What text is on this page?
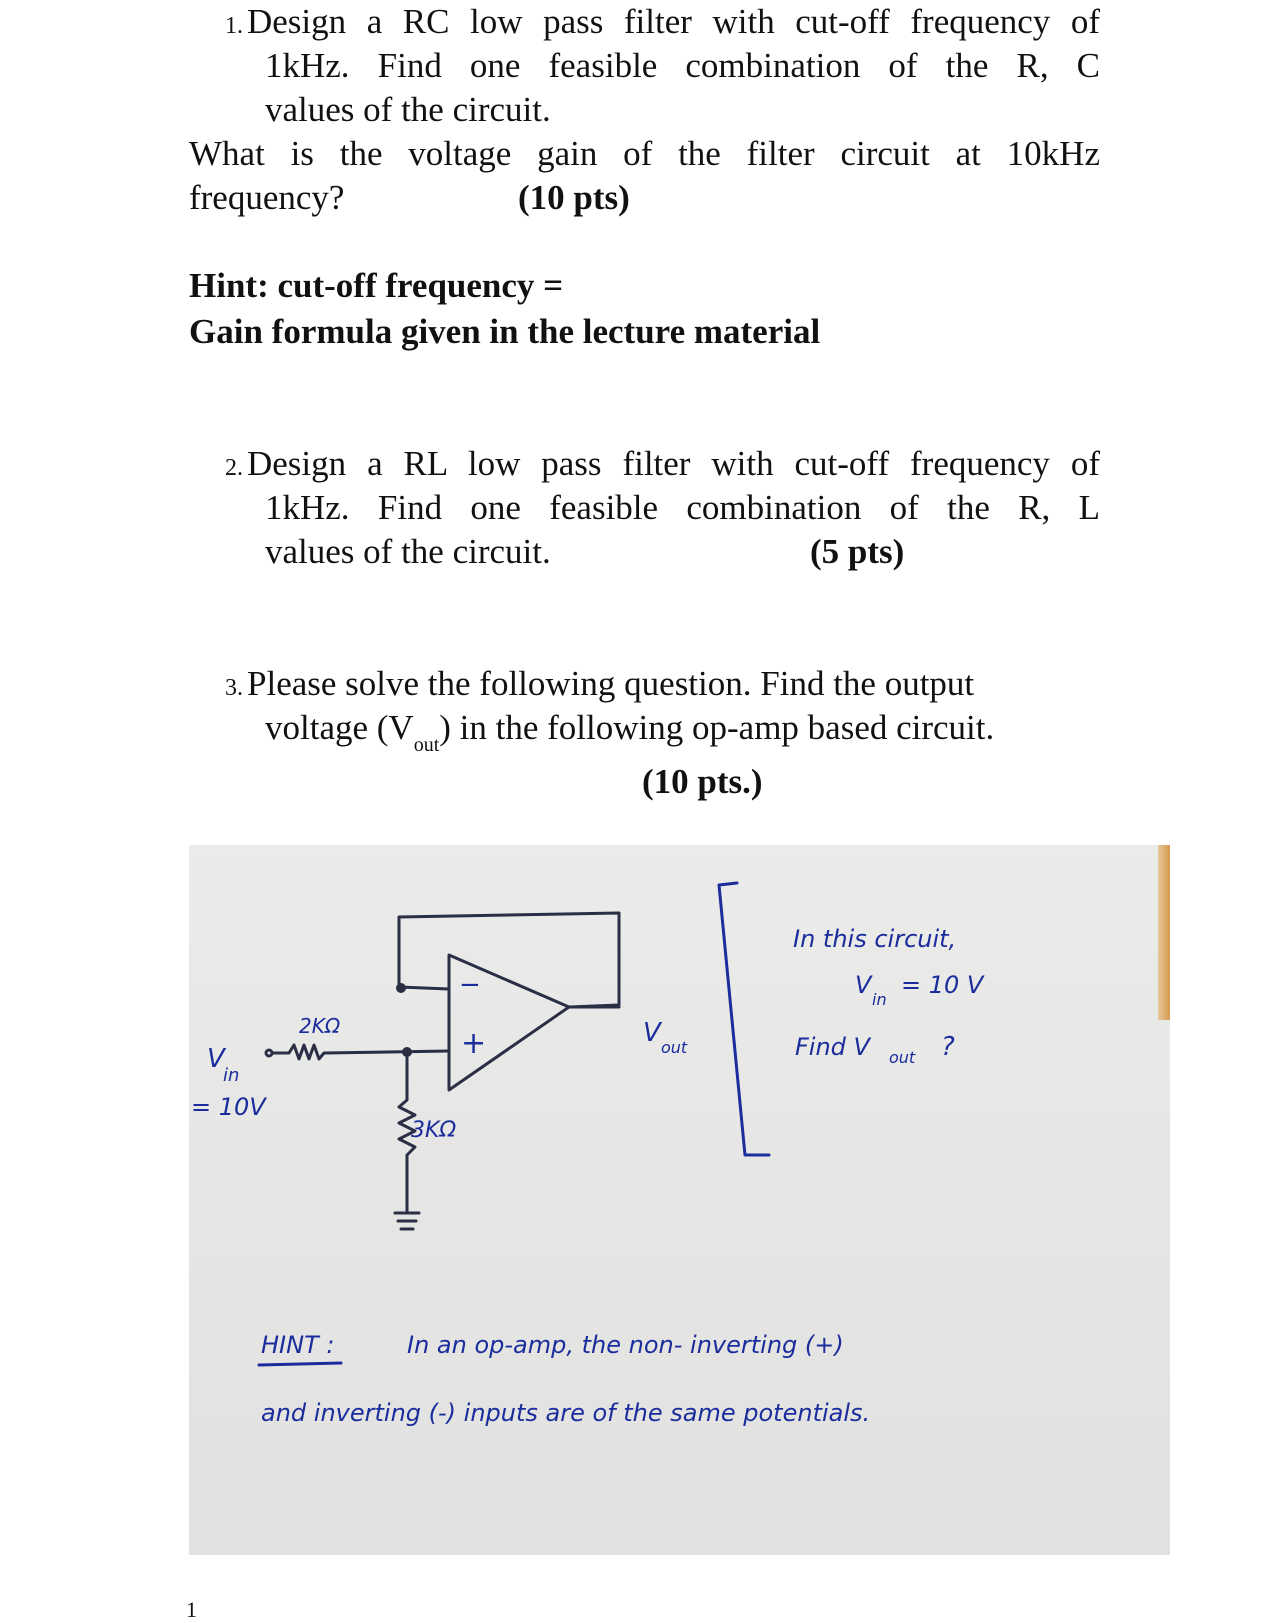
1. Design a RC low pass filter with cut-off frequency of
1kHz. Find one feasible combination of the R, C
values of the circuit.
What is the voltage gain of the filter circuit at 10kHz
frequency?	(10 pts)
Hint: cut-off frequency =
Gain formula given in the lecture material
2. Design a RL low pass filter with cut-off frequency of
1kHz. Find one feasible combination of the R, L
values of the circuit.	(5 pts)
3. Please solve the following question. Find the output
voltage $(V_{out})$ in the following op-amp based circuit.
(10 pts.)
−
+
2KΩ
3KΩ
V
in
= 10V
V out
In this circuit,
V
in
= 10 V
Find V out ?
HINT :	In an op-amp, the non- inverting (+)
and inverting (-) inputs are of the same potentials.
1
